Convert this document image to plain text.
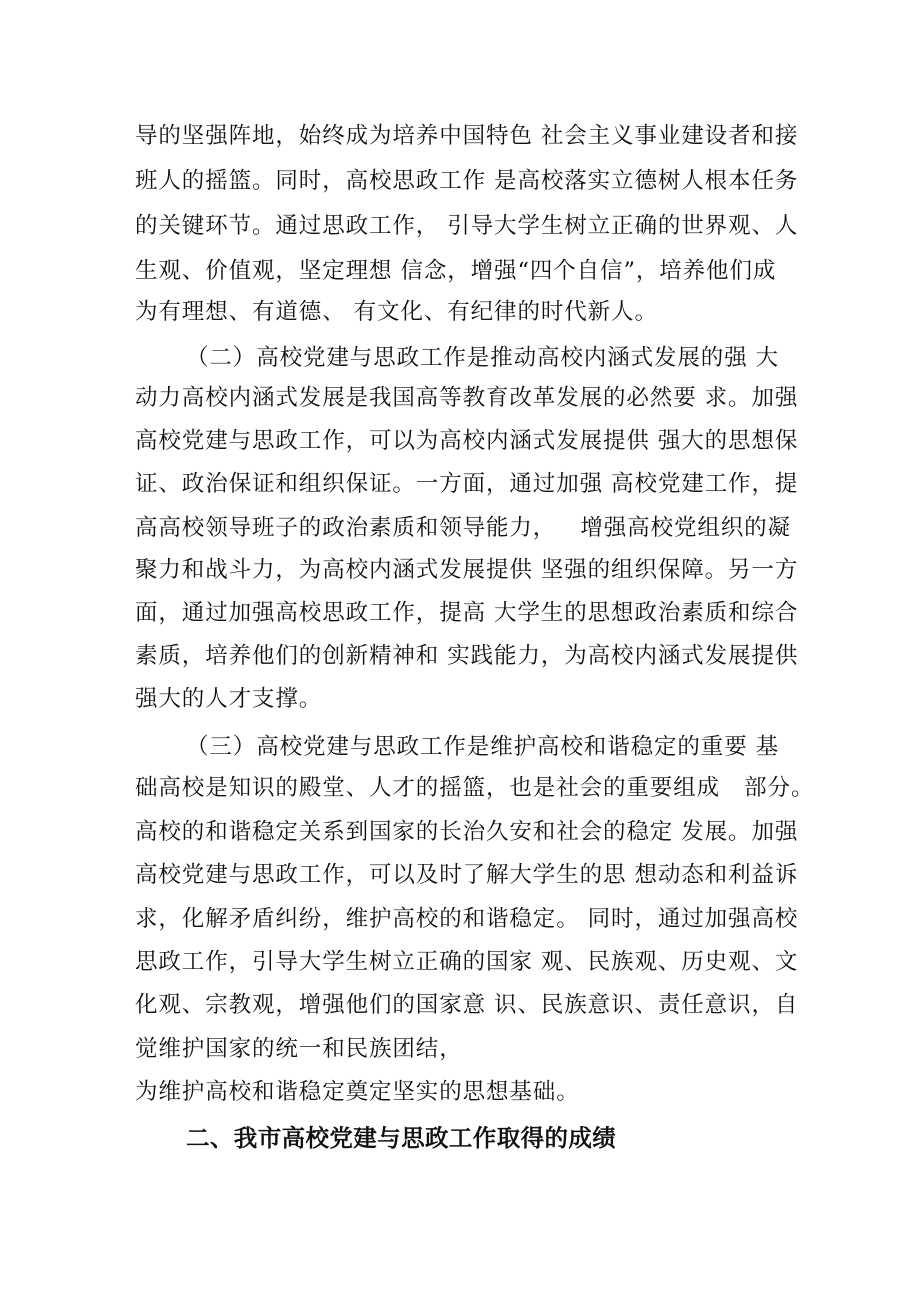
导的坚强阵地，始终成为培养中国特色 社会主义事业建设者和接
班人的摇篮。同时，高校思政工作 是高校落实立德树人根本任务
的关键环节。通过思政工作， 引导大学生树立正确的世界观、人
生观、价值观，坚定理想 信念，增强“四个自信”，培养他们成
为有理想、有道德、 有文化、有纪律的时代新人。
（二）高校党建与思政工作是推动高校内涵式发展的强 大
动力高校内涵式发展是我国高等教育改革发展的必然要 求。加强
高校党建与思政工作，可以为高校内涵式发展提供 强大的思想保
证、政治保证和组织保证。一方面，通过加强 高校党建工作，提
高高校领导班子的政治素质和领导能力，   增强高校党组织的凝
聚力和战斗力，为高校内涵式发展提供 坚强的组织保障。另一方
面，通过加强高校思政工作，提高 大学生的思想政治素质和综合
素质，培养他们的创新精神和 实践能力，为高校内涵式发展提供
强大的人才支撑。
（三）高校党建与思政工作是维护高校和谐稳定的重要 基
础高校是知识的殿堂、人才的摇篮，也是社会的重要组成   部分。
高校的和谐稳定关系到国家的长治久安和社会的稳定 发展。加强
高校党建与思政工作，可以及时了解大学生的思 想动态和利益诉
求，化解矛盾纠纷，维护高校的和谐稳定。 同时，通过加强高校
思政工作，引导大学生树立正确的国家 观、民族观、历史观、文
化观、宗教观，增强他们的国家意 识、民族意识、责任意识，自
觉维护国家的统一和民族团结，
为维护高校和谐稳定奠定坚实的思想基础。
二、我市高校党建与思政工作取得的成绩
